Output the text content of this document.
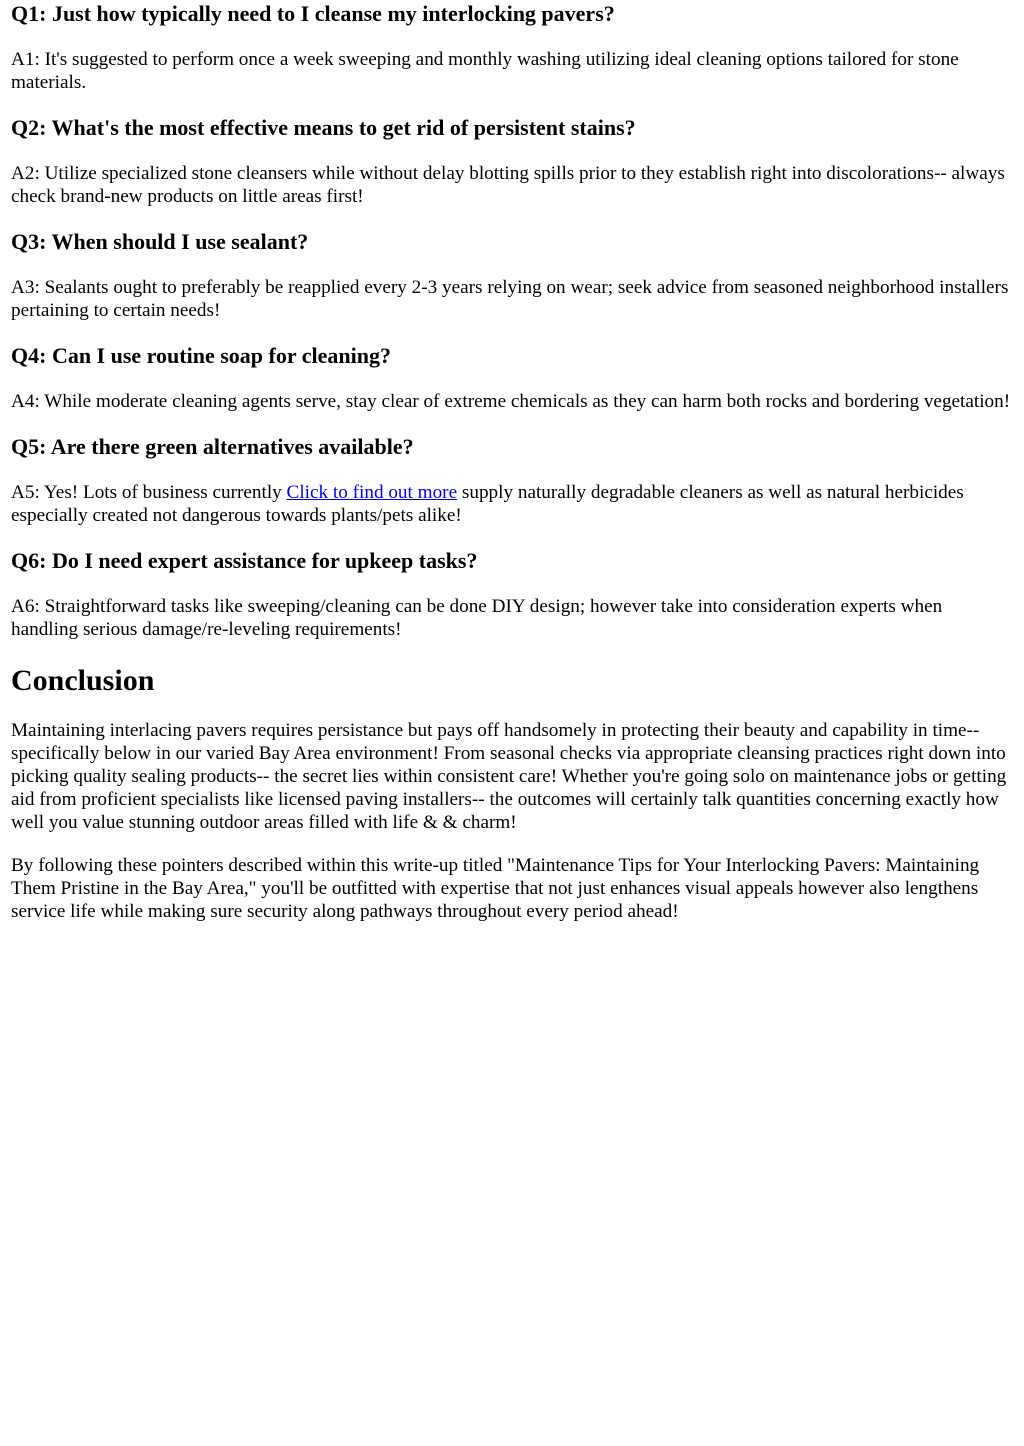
Q1: Just how typically need to I cleanse my interlocking pavers?

A1: It's suggested to perform once a week sweeping and monthly washing utilizing ideal cleaning options tailored for stone materials.

Q2: What's the most effective means to get rid of persistent stains?

A2: Utilize specialized stone cleansers while without delay blotting spills prior to they establish right into discolorations-- always check brand-new products on little areas first!

Q3: When should I use sealant?

A3: Sealants ought to preferably be reapplied every 2-3 years relying on wear; seek advice from seasoned neighborhood installers pertaining to certain needs!

Q4: Can I use routine soap for cleaning?

A4: While moderate cleaning agents serve, stay clear of extreme chemicals as they can harm both rocks and bordering vegetation!

Q5: Are there green alternatives available?

A5: Yes! Lots of business currently Click to find out more supply naturally degradable cleaners as well as natural herbicides especially created not dangerous towards plants/pets alike!

Q6: Do I need expert assistance for upkeep tasks?

A6: Straightforward tasks like sweeping/cleaning can be done DIY design; however take into consideration experts when handling serious damage/re-leveling requirements!

Conclusion

Maintaining interlacing pavers requires persistance but pays off handsomely in protecting their beauty and capability in time-- specifically below in our varied Bay Area environment! From seasonal checks via appropriate cleansing practices right down into picking quality sealing products-- the secret lies within consistent care! Whether you're going solo on maintenance jobs or getting aid from proficient specialists like licensed paving installers-- the outcomes will certainly talk quantities concerning exactly how well you value stunning outdoor areas filled with life & & charm!

By following these pointers described within this write-up titled "Maintenance Tips for Your Interlocking Pavers: Maintaining Them Pristine in the Bay Area," you'll be outfitted with expertise that not just enhances visual appeals however also lengthens service life while making sure security along pathways throughout every period ahead!
